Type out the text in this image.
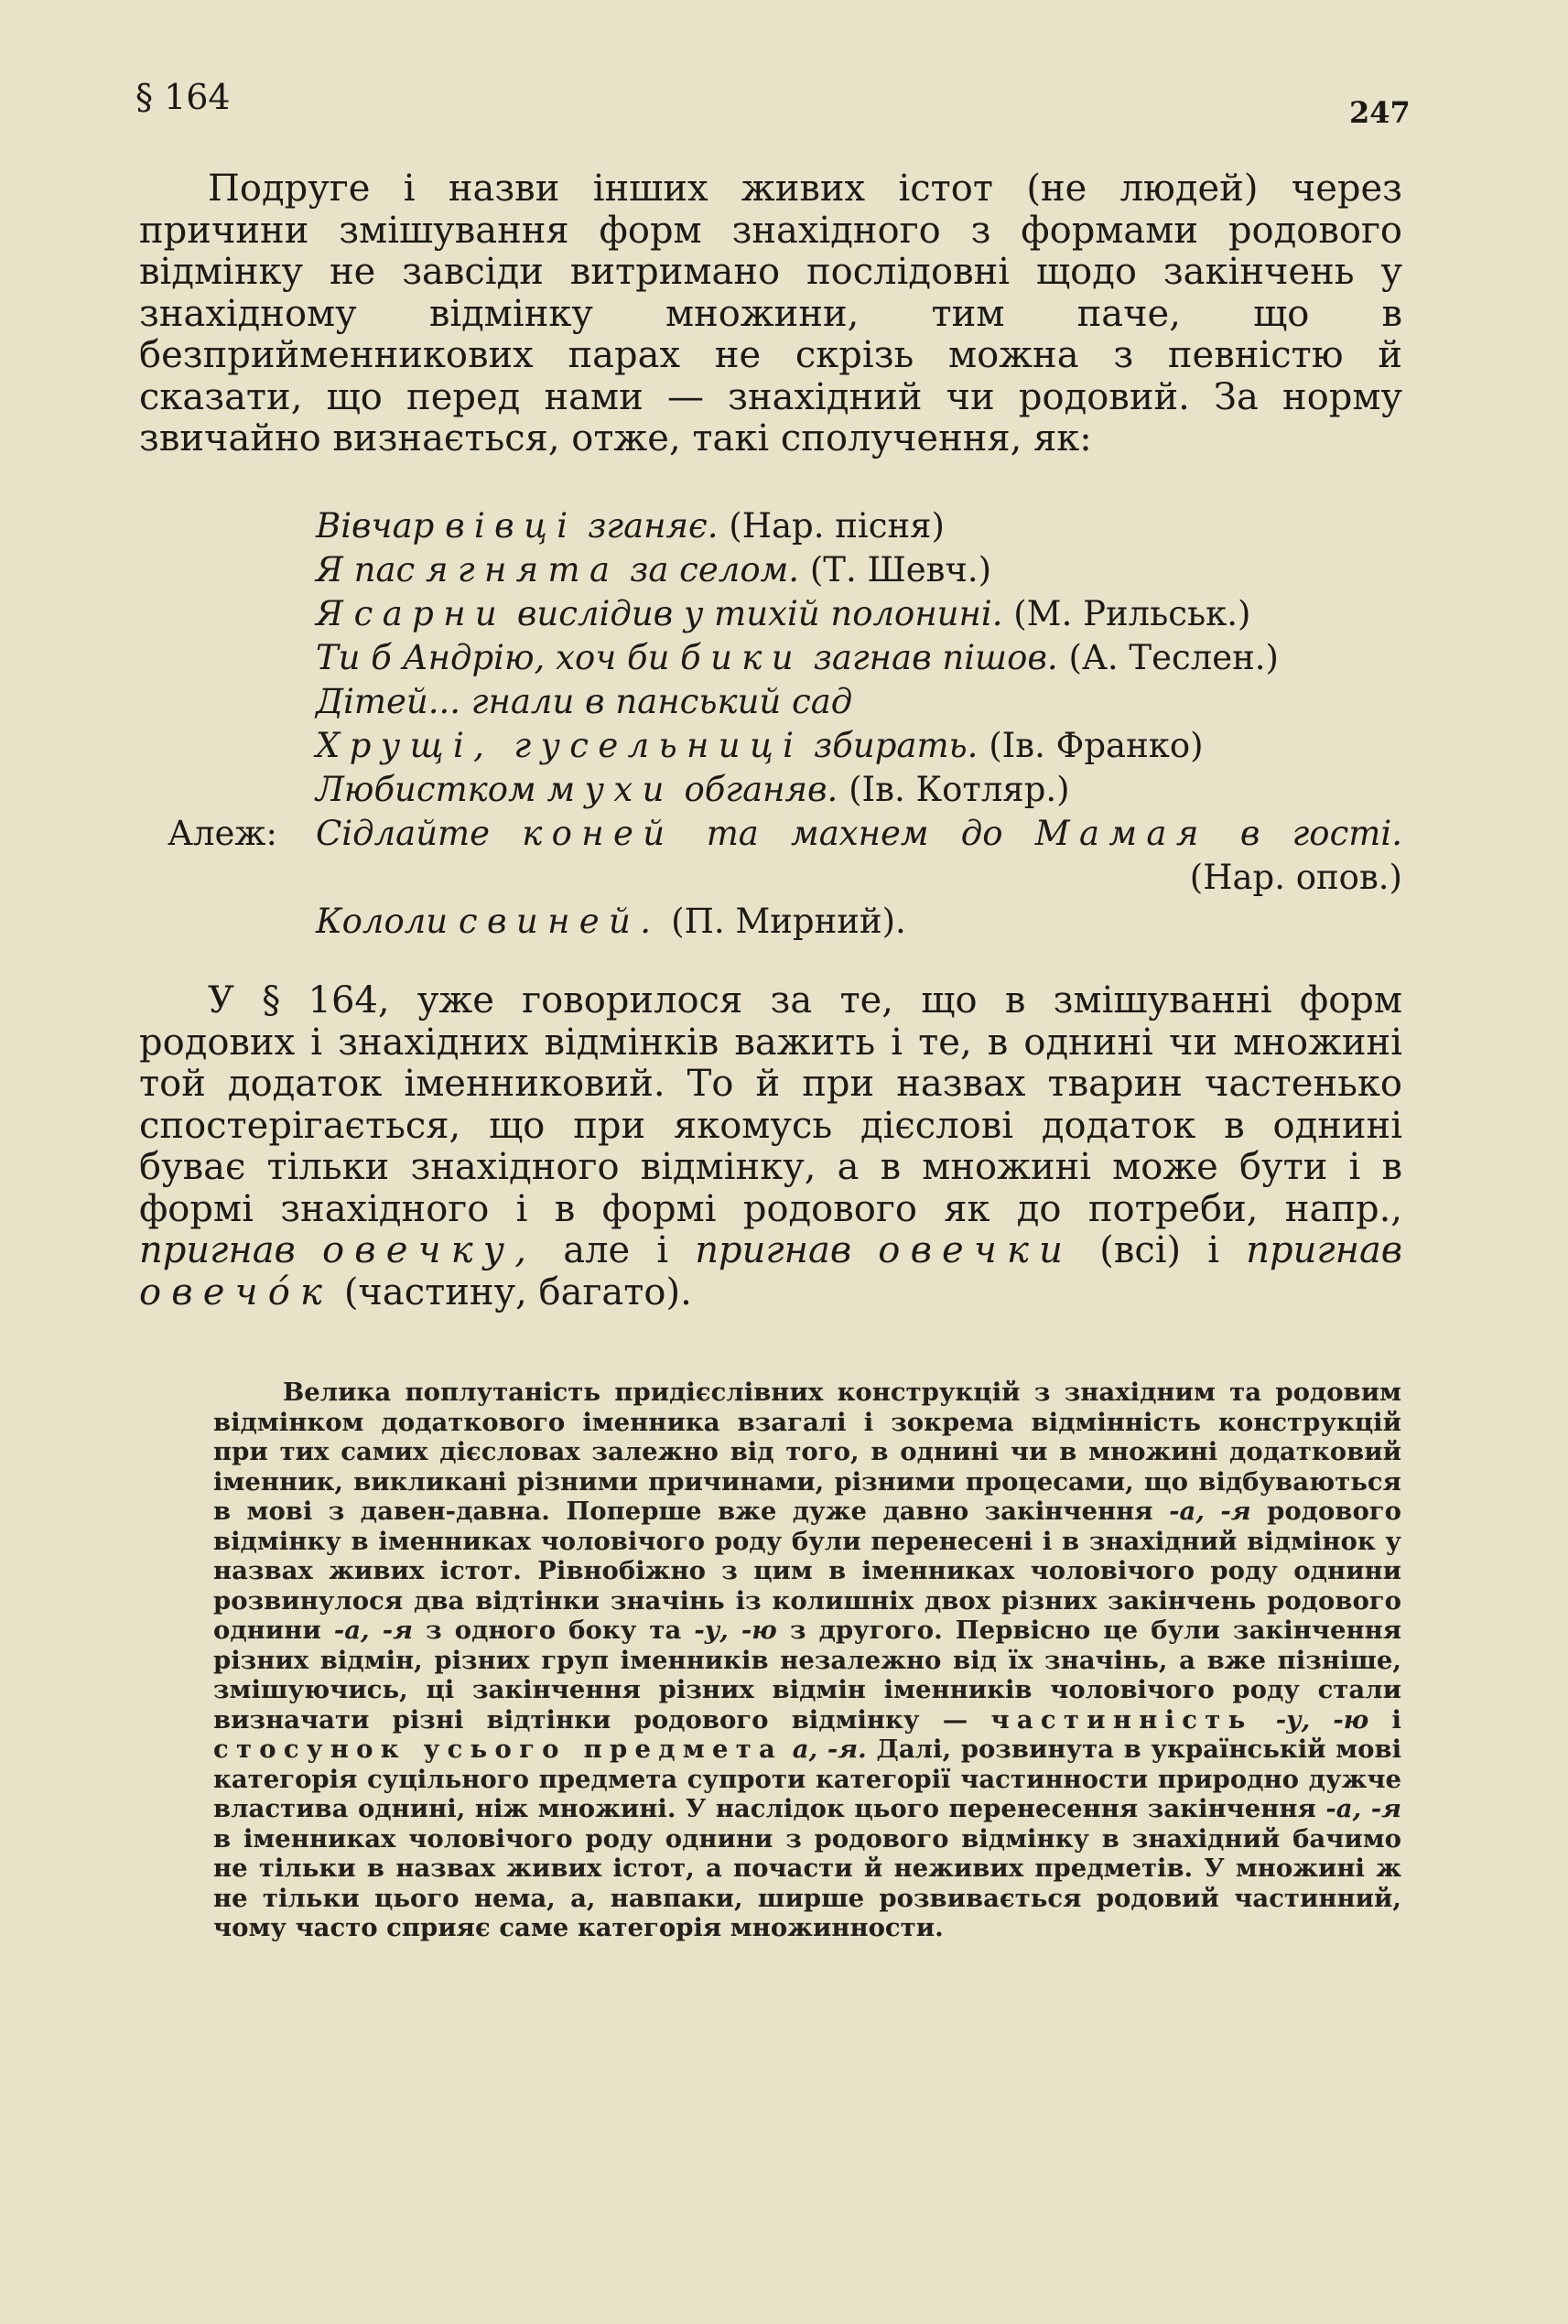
§ 164	247

Подруге і назви інших живих істот (не людей) через причини змішування форм знахідного з формами родового відмінку не завсіди витримано послідовні щодо закінчень у знахідному відмінку множини, тим паче, що в безприйменникових парах не скрізь можна з певністю й сказати, що перед нами — знахідний чи родовий. За норму звичайно визнається, отже, такі сполучення, як:

Вівчар вівці зганяє. (Нар. пісня)
Я пас ягнята за селом. (Т. Шевч.)
Я сарни вислідив у тихій полонині. (М. Рильськ.)
Ти б Андрію, хоч би бики загнав пішов. (А. Теслен.)
Дітей... гнали в панський сад
Хрущі, гусельниці збирать. (Ів. Франко)
Любистком мухи обганяв. (Ів. Котляр.)
Алеж: Сідлайте коней та махнем до Мамая в гості.
(Нар. опов.)
Кололи свиней. (П. Мирний).

У § 164, уже говорилося за те, що в змішуванні форм родових і знахідних відмінків важить і те, в однині чи множині той додаток іменниковий. То й при назвах тварин частенько спостерігається, що при якомусь дієслові додаток в однині буває тільки знахідного відмінку, а в множині може бути і в формі знахідного і в формі родового як до потреби, напр., пригнав овечку, але і пригнав овечки (всі) і пригнав овечо́к (частину, багато).

Велика поплутаність придієслівних конструкцій з знахідним та родовим відмінком додаткового іменника взагалі і зокрема відмінність конструкцій при тих самих дієсловах залежно від того, в однині чи в множині додатковий іменник, викликані різними причинами, різними процесами, що відбуваються в мові з давен-давна. Поперше вже дуже давно закінчення -а, -я родового відмінку в іменниках чоловічого роду були перенесені і в знахідний відмінок у назвах живих істот. Рівнобіжно з цим в іменниках чоловічого роду однини розвинулося два відтінки значінь із колишніх двох різних закінчень родового однини -а, -я з одного боку та -у, -ю з другого. Первісно це були закінчення різних відмін, різних груп іменників незалежно від їх значінь, а вже пізніше, змішуючись, ці закінчення різних відмін іменників чоловічого роду стали визначати різні відтінки родового відмінку — частинність -у, -ю і стосунок усього предмета а, -я. Далі, розвинута в українській мові категорія суцільного предмета супроти категорії частинности природно дужче властива однині, ніж множині. У наслідок цього перенесення закінчення -а, -я в іменниках чоловічого роду однини з родового відмінку в знахідний бачимо не тільки в назвах живих істот, а почасти й неживих предметів. У множині ж не тільки цього нема, а, навпаки, ширше розвивається родовий частинний, чому часто сприяє саме категорія множинности.
